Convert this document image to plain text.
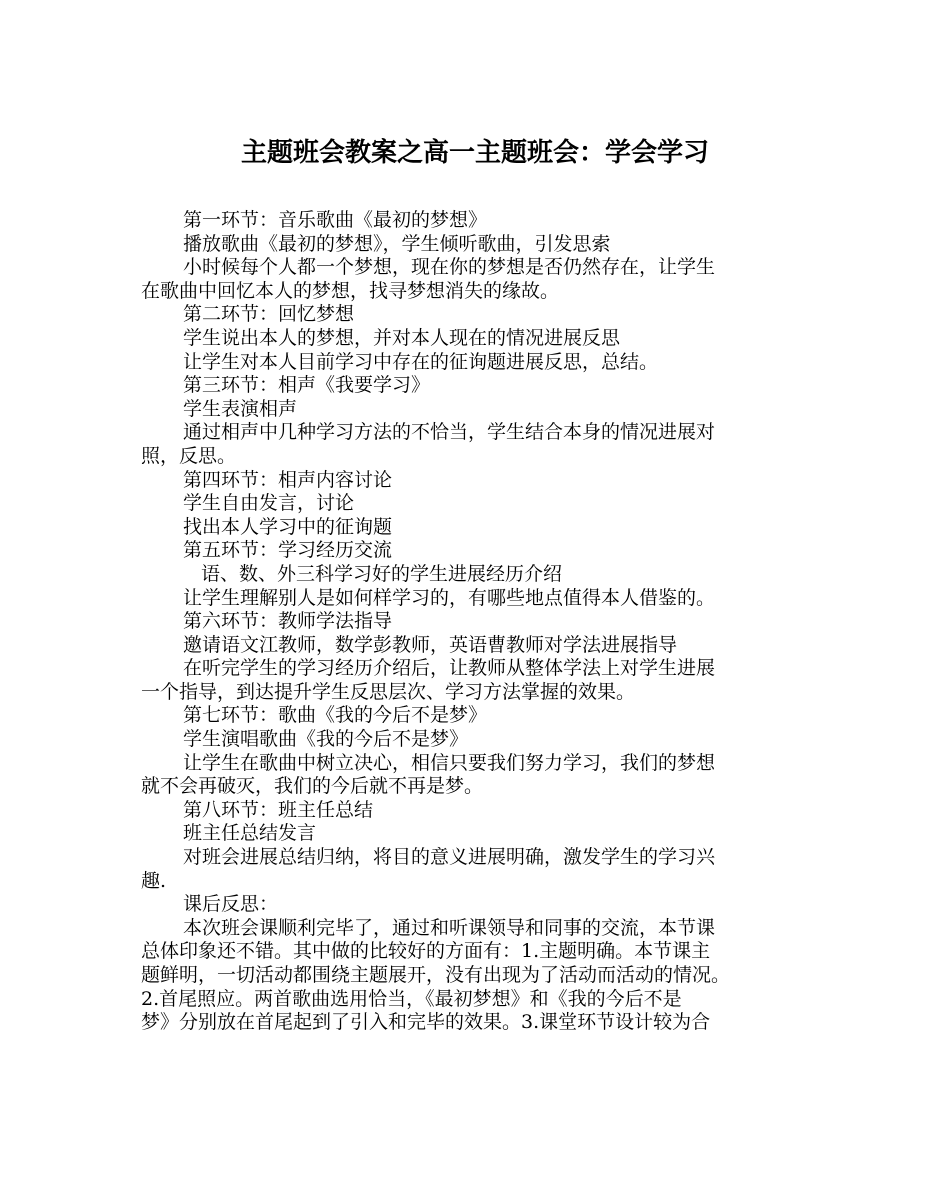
主题班会教案之高一主题班会：学会学习
第一环节：音乐歌曲《最初的梦想》
播放歌曲《最初的梦想》，学生倾听歌曲，引发思索
小时候每个人都一个梦想，现在你的梦想是否仍然存在，让学生
在歌曲中回忆本人的梦想，找寻梦想消失的缘故。
第二环节：回忆梦想
学生说出本人的梦想，并对本人现在的情况进展反思
让学生对本人目前学习中存在的征询题进展反思，总结。
第三环节：相声《我要学习》
学生表演相声
通过相声中几种学习方法的不恰当，学生结合本身的情况进展对
照，反思。
第四环节：相声内容讨论
学生自由发言，讨论
找出本人学习中的征询题
第五环节：学习经历交流
语、数、外三科学习好的学生进展经历介绍
让学生理解别人是如何样学习的，有哪些地点值得本人借鉴的。
第六环节：教师学法指导
邀请语文江教师，数学彭教师，英语曹教师对学法进展指导
在听完学生的学习经历介绍后，让教师从整体学法上对学生进展
一个指导，到达提升学生反思层次、学习方法掌握的效果。
第七环节：歌曲《我的今后不是梦》
学生演唱歌曲《我的今后不是梦》
让学生在歌曲中树立决心，相信只要我们努力学习，我们的梦想
就不会再破灭，我们的今后就不再是梦。
第八环节：班主任总结
班主任总结发言
对班会进展总结归纳，将目的意义进展明确，激发学生的学习兴
趣.
课后反思：
本次班会课顺利完毕了，通过和听课领导和同事的交流，本节课
总体印象还不错。其中做的比较好的方面有：1.主题明确。本节课主
题鲜明，一切活动都围绕主题展开，没有出现为了活动而活动的情况。
2.首尾照应。两首歌曲选用恰当，《最初梦想》和《我的今后不是
梦》分别放在首尾起到了引入和完毕的效果。3.课堂环节设计较为合
